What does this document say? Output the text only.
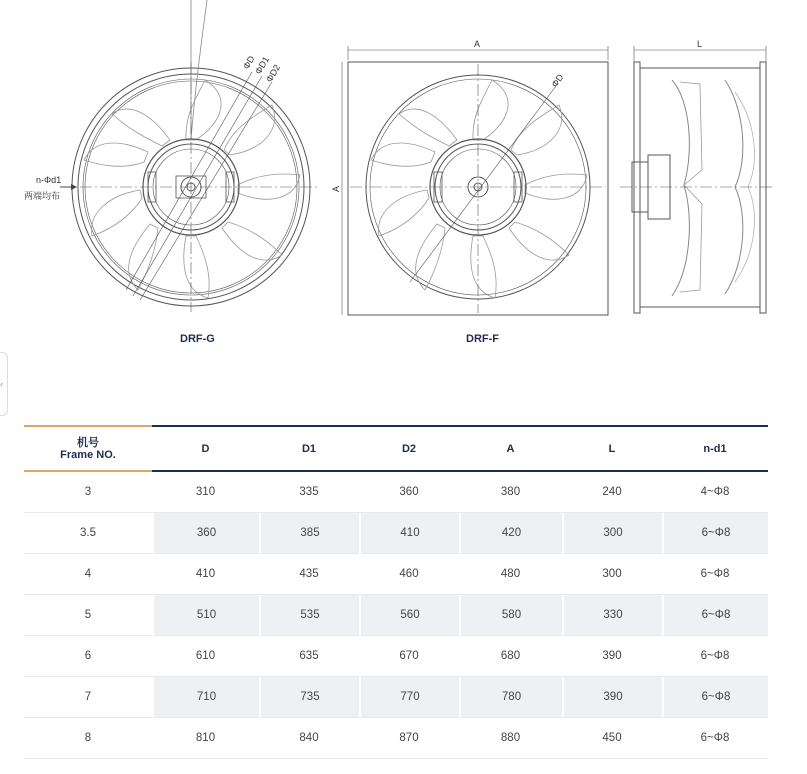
ΦD
ΦD1
ΦD2
n-Φd1
两端均布
DRF-G
A
A
ΦD
DRF-F
L
‹
机号
Frame NO.	D	D1	D2	A	L	n-d1
3	310	335	360	380	240	4~Φ8
3.5	360	385	410	420	300	6~Φ8
4	410	435	460	480	300	6~Φ8
5	510	535	560	580	330	6~Φ8
6	610	635	670	680	390	6~Φ8
7	710	735	770	780	390	6~Φ8
8	810	840	870	880	450	6~Φ8
